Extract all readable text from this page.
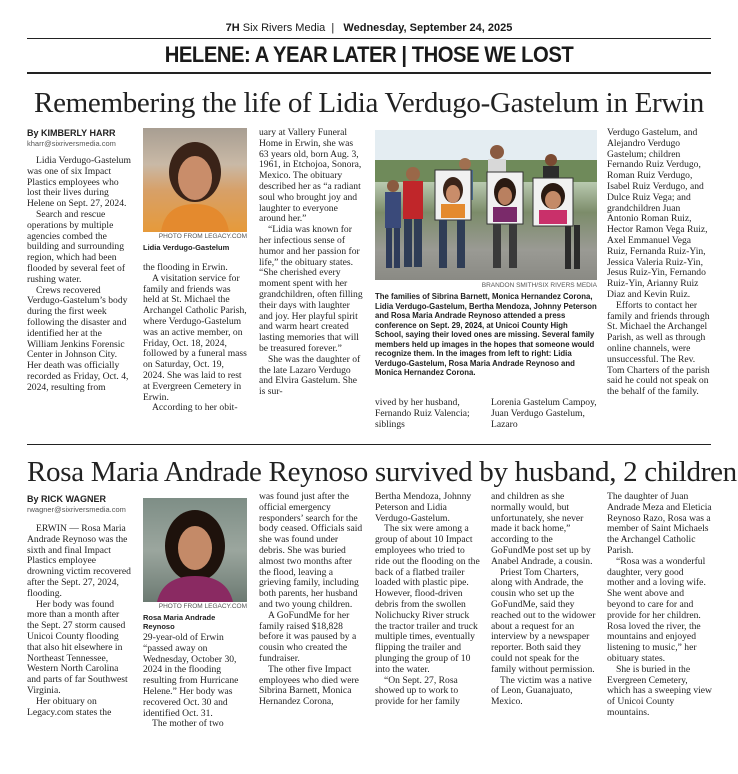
7H Six Rivers Media  |   Wednesday, September 24, 2025
HELENE: A YEAR LATER | THOSE WE LOST
Remembering the life of Lidia Verdugo-Gastelum in Erwin
By KIMBERLY HARR
kharr@sixriversmedia.com

Lidia Verdugo-Gastelum was one of six Impact Plastics employees who lost their lives during Helene on Sept. 27, 2024.

Search and rescue operations by multiple agencies combed the building and surrounding region, which had been flooded by several feet of rushing water.

Crews recovered Verdugo-Gastelum’s body during the first week following the disaster and identified her at the William Jenkins Forensic Center in Johnson City. Her death was officially recorded as Friday, Oct. 4, 2024, resulting from

PHOTO FROM LEGACY.COM
Lidia Verdugo-Gastelum

the flooding in Erwin.

A visitation service for family and friends was held at St. Michael the Archangel Catholic Parish, where Verdugo-Gastelum was an active member, on Friday, Oct. 18, 2024, followed by a funeral mass on Saturday, Oct. 19, 2024. She was laid to rest at Evergreen Cemetery in Erwin.

According to her obit-

uary at Vallery Funeral Home in Erwin, she was 63 years old, born Aug. 3, 1961, in Etchojoa, Sonora, Mexico. The obituary described her as “a radiant soul who brought joy and laughter to everyone around her.”

“Lidia was known for her infectious sense of humor and her passion for life,” the obituary states. “She cherished every moment spent with her grandchildren, often filling their days with laughter and joy. Her playful spirit and warm heart created lasting memories that will be treasured forever.”

She was the daughter of the late Lazaro Verdugo and Elvira Gastelum. She is sur-

BRANDON SMITH/SIX RIVERS MEDIA
The families of Sibrina Barnett, Monica Hernandez Corona, Lidia Verdugo-Gastelum, Bertha Mendoza, Johnny Peterson and Rosa Maria Andrade Reynoso attended a press conference on Sept. 29, 2024, at Unicoi County High School, saying their loved ones are missing. Several family members held up images in the hopes that someone would recognize them. In the images from left to right: Lidia Verdugo-Gastelum, Rosa Maria Andrade Reynoso and Monica Hernandez Corona.

vived by her husband, Fernando Ruiz Valencia; siblings

Lorenia Gastelum Campoy, Juan Verdugo Gastelum, Lazaro

Verdugo Gastelum, and Alejandro Verdugo Gastelum; children Fernando Ruiz Verdugo, Roman Ruiz Verdugo, Isabel Ruiz Verdugo, and Dulce Ruiz Vega; and grandchildren Juan Antonio Roman Ruiz, Hector Ramon Vega Ruiz, Axel Emmanuel Vega Ruiz, Fernanda Ruiz-Yin, Jessica Valeria Ruiz-Yin, Jesus Ruiz-Yin, Fernando Ruiz-Yin, Arianny Ruiz Diaz and Kevin Ruiz.

Efforts to contact her family and friends through St. Michael the Archangel Parish, as well as through online channels, were unsuccessful. The Rev. Tom Charters of the parish said he could not speak on the behalf of the family.

Rosa Maria Andrade Reynoso survived by husband, 2 children
By RICK WAGNER
rwagner@sixriversmedia.com

ERWIN — Rosa Maria Andrade Reynoso was the sixth and final Impact Plastics employee drowning victim recovered after the Sept. 27, 2024, flooding.

Her body was found more than a month after the Sept. 27 storm caused Unicoi County flooding that also hit elsewhere in Northeast Tennessee, Western North Carolina and parts of far Southwest Virginia.

Her obituary on Legacy.com states the

PHOTO FROM LEGACY.COM
Rosa Maria Andrade Reynoso

29-year-old of Erwin “passed away on Wednesday, October 30, 2024 in the flooding resulting from Hurricane Helene.” Her body was recovered Oct. 30 and identified Oct. 31.

The mother of two

was found just after the official emergency responders’ search for the body ceased. Officials said she was found under debris. She was buried almost two months after the flood, leaving a grieving family, including both parents, her husband and two young children.

A GoFundMe for her family raised $18,828 before it was paused by a cousin who created the fundraiser.

The other five Impact employees who died were Sibrina Barnett, Monica Hernandez Corona,

Bertha Mendoza, Johnny Peterson and Lidia Verdugo-Gastelum.

The six were among a group of about 10 Impact employees who tried to ride out the flooding on the back of a flatbed trailer loaded with plastic pipe. However, flood-driven debris from the swollen Nolichucky River struck the tractor trailer and truck multiple times, eventually flipping the trailer and plunging the group of 10 into the water.

“On Sept. 27, Rosa showed up to work to provide for her family

and children as she normally would, but unfortunately, she never made it back home,” according to the GoFundMe post set up by Anabel Andrade, a cousin.

Priest Tom Charters, along with Andrade, the cousin who set up the GoFundMe, said they reached out to the widower about a request for an interview by a newspaper reporter. Both said they could not speak for the family without permission.

The victim was a native of Leon, Guanajuato, Mexico.

The daughter of Juan Andrade Meza and Eleticia Reynoso Razo, Rosa was a member of Saint Michaels the Archangel Catholic Parish.

“Rosa was a wonderful daughter, very good mother and a loving wife. She went above and beyond to care for and provide for her children. Rosa loved the river, the mountains and enjoyed listening to music,” her obituary states.

She is buried in the Evergreen Cemetery, which has a sweeping view of Unicoi County mountains.
